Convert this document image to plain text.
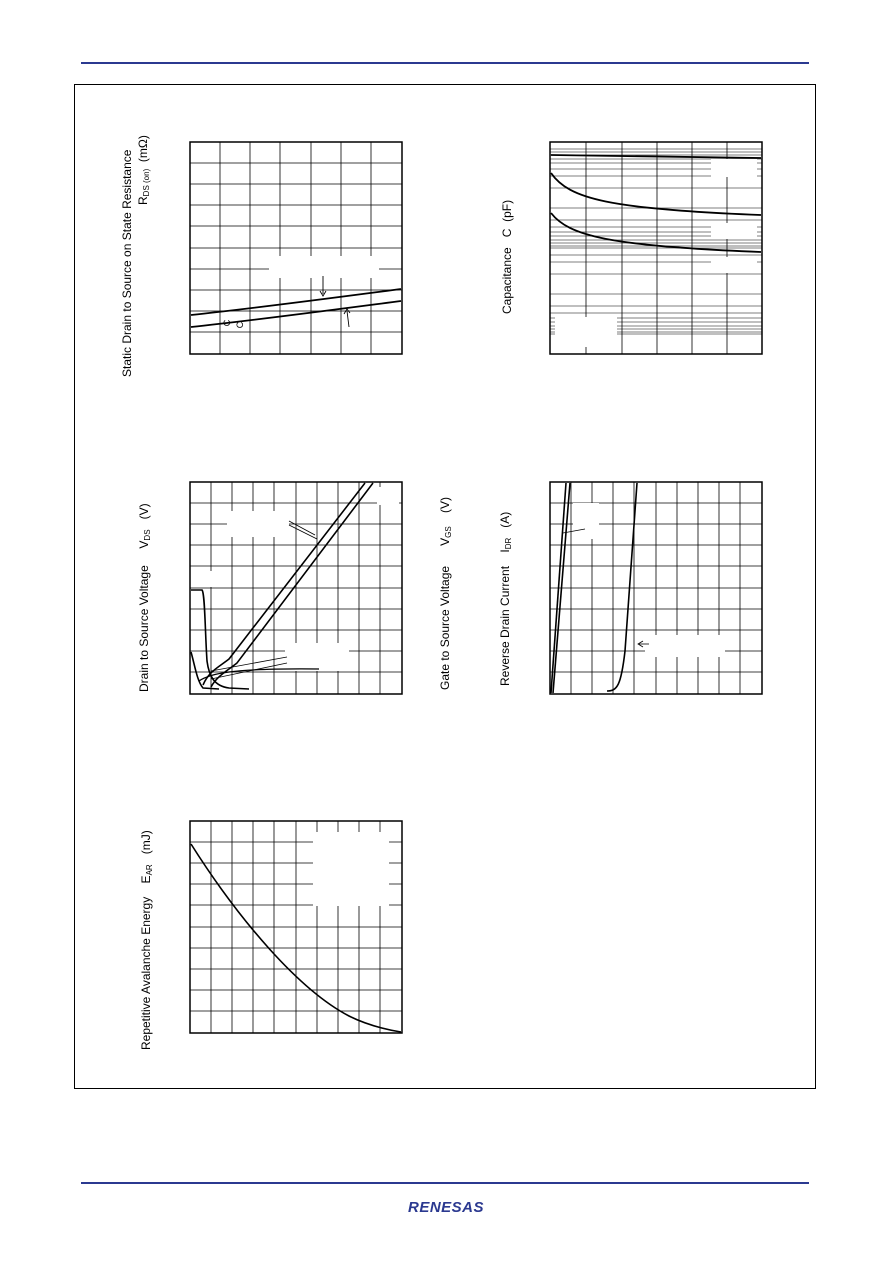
Static Drain to Source on State Resistance $R_{DS (on)}$  (mΩ)
C C
Capacitance   C  (pF)
Drain to Source Voltage     $V_{DS}$   (V)
Gate to Source Voltage      $V_{GS}$    (V)
Reverse Drain Current    $I_{DR}$   (A)
Repetitive Avalanche Energy    $E_{AR}$   (mJ)
RENESAS
